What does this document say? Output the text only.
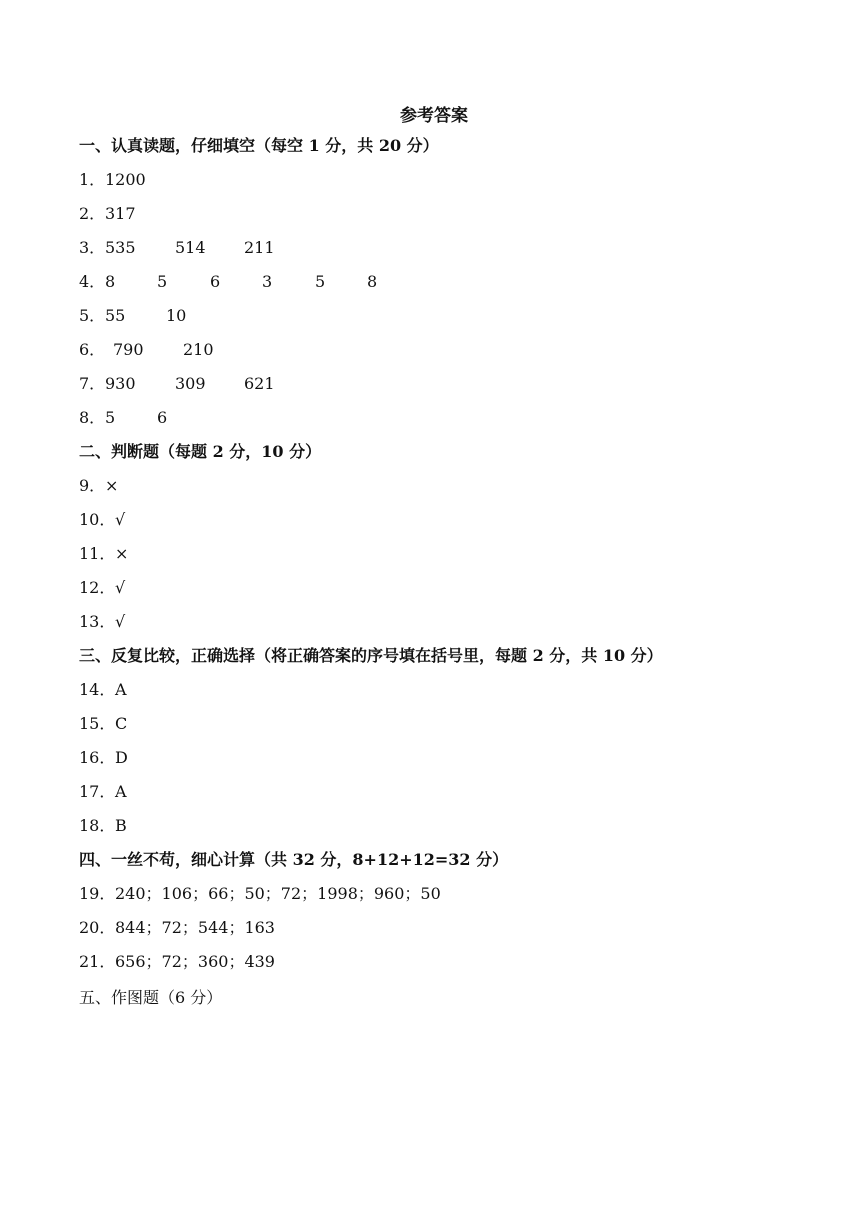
参考答案
一、认真读题，仔细填空（每空 1 分，共 20 分）
1． 1200
2． 317
3． 535 514 211
4． 8	5	6	3	5	8
5． 55	10
6． 790 210
7． 930 309 621
8． 5	6
二、判断题（每题 2 分，10 分）
9． ×
10． √
11． ×
12． √
13． √
三、反复比较，正确选择（将正确答案的序号填在括号里，每题 2 分，共 10 分）
14． A
15． C
16． D
17． A
18． B
四、一丝不苟，细心计算（共 32 分，8+12+12=32 分）
19． 240；106；66；50；72；1998；960；50
20． 844；72；544；163
21． 656；72；360；439
五、作图题（6 分）
